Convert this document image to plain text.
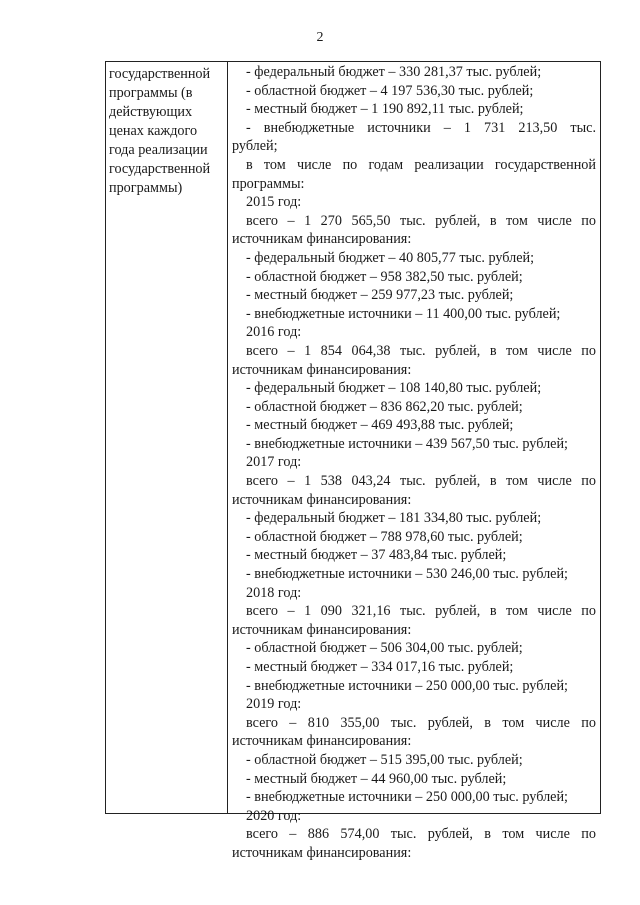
2
государственной
программы (в
действующих
ценах каждого
года реализации
государственной
программы)
- федеральный бюджет – 330 281,37 тыс. рублей;
- областной бюджет – 4 197 536,30 тыс. рублей;
- местный бюджет – 1 190 892,11 тыс. рублей;
- внебюджетные источники – 1 731 213,50 тыс.
рублей;
в том числе по годам реализации государственной
программы:
2015 год:
всего – 1 270 565,50 тыс. рублей, в том числе по
источникам финансирования:
- федеральный бюджет – 40 805,77 тыс. рублей;
- областной бюджет – 958 382,50 тыс. рублей;
- местный бюджет – 259 977,23 тыс. рублей;
- внебюджетные источники – 11 400,00 тыс. рублей;
2016 год:
всего – 1 854 064,38 тыс. рублей, в том числе по
источникам финансирования:
- федеральный бюджет – 108 140,80 тыс. рублей;
- областной бюджет – 836 862,20 тыс. рублей;
- местный бюджет – 469 493,88 тыс. рублей;
- внебюджетные источники – 439 567,50 тыс. рублей;
2017 год:
всего – 1 538 043,24 тыс. рублей, в том числе по
источникам финансирования:
- федеральный бюджет – 181 334,80 тыс. рублей;
- областной бюджет – 788 978,60 тыс. рублей;
- местный бюджет – 37 483,84 тыс. рублей;
- внебюджетные источники – 530 246,00 тыс. рублей;
2018 год:
всего – 1 090 321,16 тыс. рублей, в том числе по
источникам финансирования:
- областной бюджет – 506 304,00 тыс. рублей;
- местный бюджет – 334 017,16 тыс. рублей;
- внебюджетные источники – 250 000,00 тыс. рублей;
2019 год:
всего – 810 355,00 тыс. рублей, в том числе по
источникам финансирования:
- областной бюджет – 515 395,00 тыс. рублей;
- местный бюджет – 44 960,00 тыс. рублей;
- внебюджетные источники – 250 000,00 тыс. рублей;
2020 год:
всего – 886 574,00 тыс. рублей, в том числе по
источникам финансирования:
